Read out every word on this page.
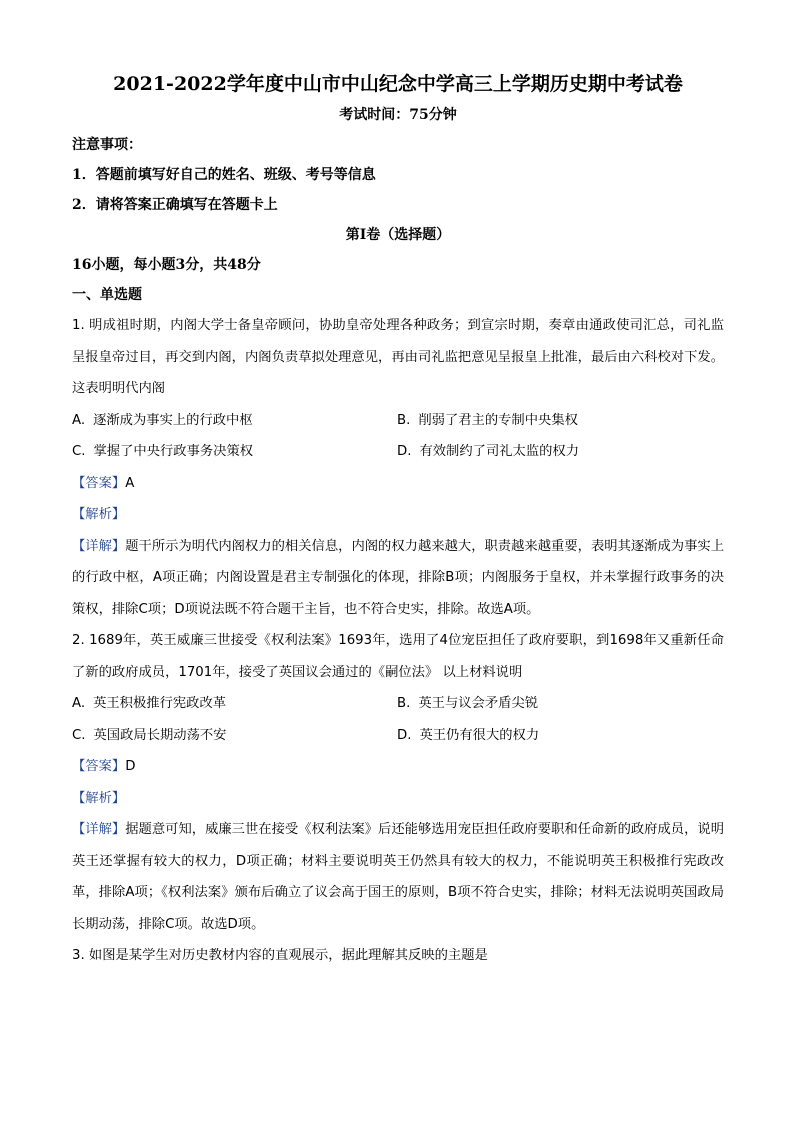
2021-2022学年度中山市中山纪念中学高三上学期历史期中考试卷
考试时间：75分钟
注意事项：
1．答题前填写好自己的姓名、班级、考号等信息
2．请将答案正确填写在答题卡上
第Ⅰ卷（选择题）
16小题，每小题3分，共48分
一、单选题

1. 明成祖时期，内阁大学士备皇帝顾问，协助皇帝处理各种政务；到宣宗时期，奏章由通政使司汇总，司礼监呈报皇帝过目，再交到内阁，内阁负责草拟处理意见，再由司礼监把意见呈报皇上批准，最后由六科校对下发。这表明明代内阁

A. 逐渐成为事实上的行政中枢	B. 削弱了君主的专制中央集权
C. 掌握了中央行政事务决策权	D. 有效制约了司礼太监的权力
【答案】A
【解析】

【详解】题干所示为明代内阁权力的相关信息，内阁的权力越来越大，职责越来越重要，表明其逐渐成为事实上的行政中枢，A项正确；内阁设置是君主专制强化的体现，排除B项；内阁服务于皇权，并未掌握行政事务的决策权，排除C项；D项说法既不符合题干主旨，也不符合史实，排除。故选A项。

2. 1689年，英王威廉三世接受《权利法案》1693年，选用了4位宠臣担任了政府要职，到1698年又重新任命了新的政府成员，1701年，接受了英国议会通过的《嗣位法》 以上材料说明

A. 英王积极推行宪政改革	B. 英王与议会矛盾尖锐
C. 英国政局长期动荡不安	D. 英王仍有很大的权力
【答案】D
【解析】

【详解】据题意可知，威廉三世在接受《权利法案》后还能够选用宠臣担任政府要职和任命新的政府成员，说明英王还掌握有较大的权力，D项正确；材料主要说明英王仍然具有较大的权力，不能说明英王积极推行宪政改革，排除A项；《权利法案》颁布后确立了议会高于国王的原则，B项不符合史实，排除；材料无法说明英国政局长期动荡，排除C项。故选D项。

3. 如图是某学生对历史教材内容的直观展示，据此理解其反映的主题是
